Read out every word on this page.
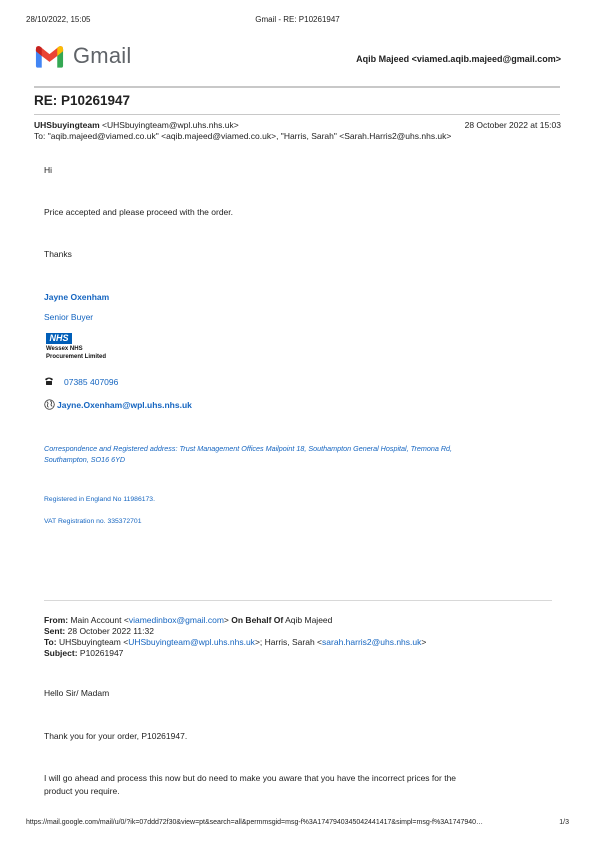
28/10/2022, 15:05	Gmail - RE: P10261947
Gmail	Aqib Majeed <viamed.aqib.majeed@gmail.com>
RE: P10261947
UHSbuyingteam <UHSbuyingteam@wpl.uhs.nhs.uk>	28 October 2022 at 15:03
To: "aqib.majeed@viamed.co.uk" <aqib.majeed@viamed.co.uk>, "Harris, Sarah" <Sarah.Harris2@uhs.nhs.uk>
Hi
Price accepted and please proceed with the order.
Thanks
Jayne Oxenham
Senior Buyer
NHS
Wessex NHS
Procurement Limited
07385 407096
Jayne.Oxenham@wpl.uhs.nhs.uk
Correspondence and Registered address: Trust Management Offices Mailpoint 18, Southampton General Hospital, Tremona Rd,
Southampton, SO16 6YD
Registered in England No 11986173.
VAT Registration no. 335372701
From: Main Account <viamedinbox@gmail.com> On Behalf Of Aqib Majeed
Sent: 28 October 2022 11:32
To: UHSbuyingteam <UHSbuyingteam@wpl.uhs.nhs.uk>; Harris, Sarah <sarah.harris2@uhs.nhs.uk>
Subject: P10261947
Hello Sir/ Madam
Thank you for your order, P10261947.
I will go ahead and process this now but do need to make you aware that you have the incorrect prices for the
product you require.
https://mail.google.com/mail/u/0/?ik=07ddd72f30&view=pt&search=all&permmsgid=msg-f%3A1747940345042441417&simpl=msg-f%3A1747940…	1/3
